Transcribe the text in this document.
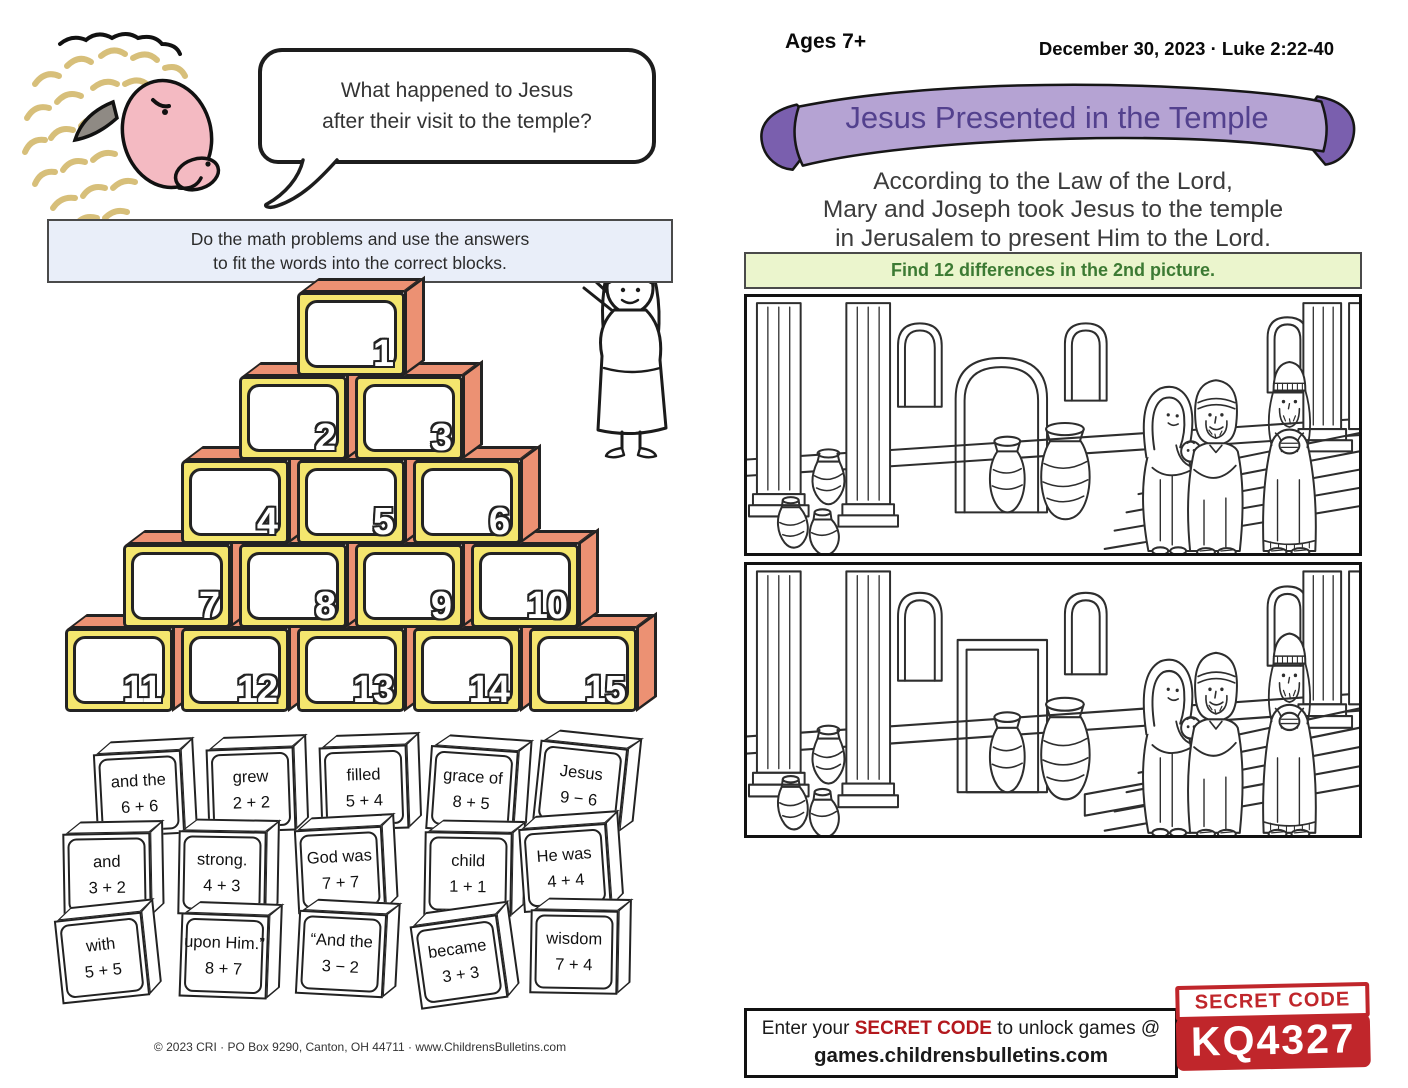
What happened to Jesus
after their visit to the temple?
Do the math problems and use the answers
to fit the words into the correct blocks.
1
2	3
4	5	6
7	8	9 10
11 12 13 14 15
and the
6 + 6
grew
2 + 2
filled
5 + 4
grace of
8 + 5
Jesus
9 − 6
and
3 + 2
strong.
4 + 3
God was
7 + 7
child
1 + 1
He was
4 + 4
with
5 + 5
upon Him.”
8 + 7
“And the
3 − 2
became
3 + 3
wisdom
7 + 4
© 2023 CRI · PO Box 9290, Canton, OH 44711 · www.ChildrensBulletins.com
Ages 7+	December 30, 2023 · Luke 2:22-40
Jesus Presented in the Temple
According to the Law of the Lord,
Mary and Joseph took Jesus to the temple
in Jerusalem to present Him to the Lord.
Find 12 differences in the 2nd picture.
Enter your SECRET CODE to unlock games @
games.childrensbulletins.com
SECRET CODE
KQ4327
